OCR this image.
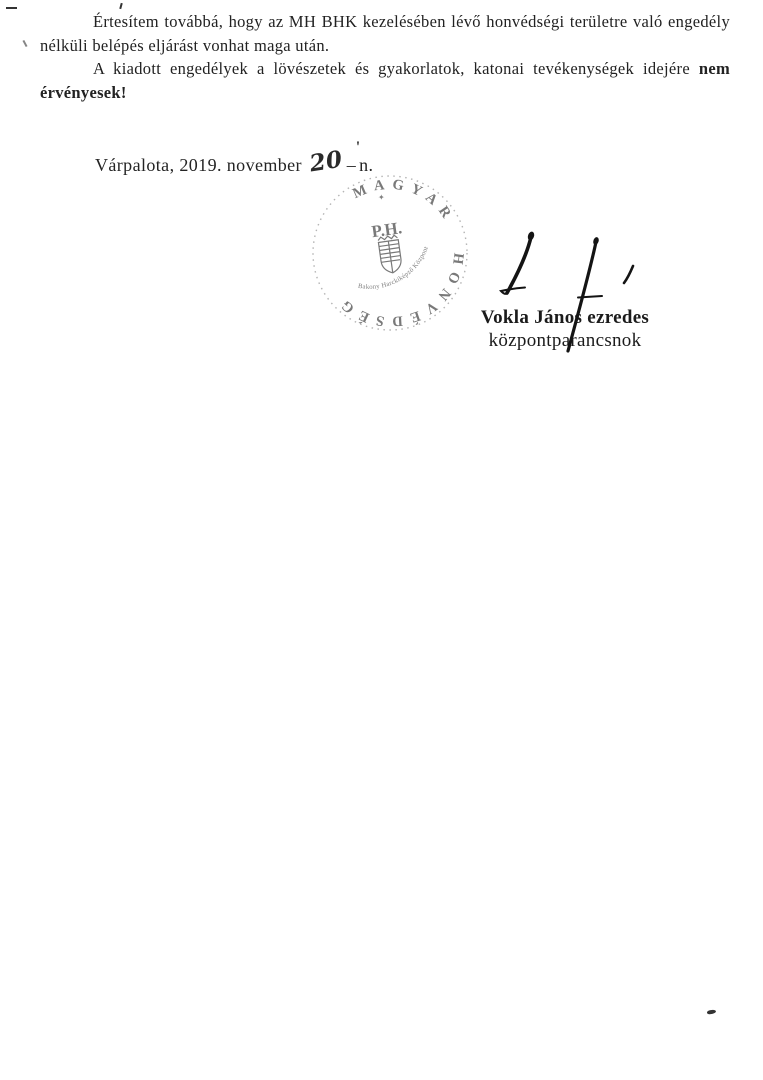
Értesítem továbbá, hogy az MH BHK kezelésében lévő honvédségi területre való engedély
nélküli belépés eljárást vonhat maga után.
A kiadott engedélyek a lövészetek és gyakorlatok, katonai tevékenységek idejére nem
érvényesek!
Várpalota, 2019. november 20 –
'
n.
MAGYAR HONVÉDSÉG
Bakony Harckiképző Központ
✦
P.H.
Vokla János ezredes
központparancsnok
